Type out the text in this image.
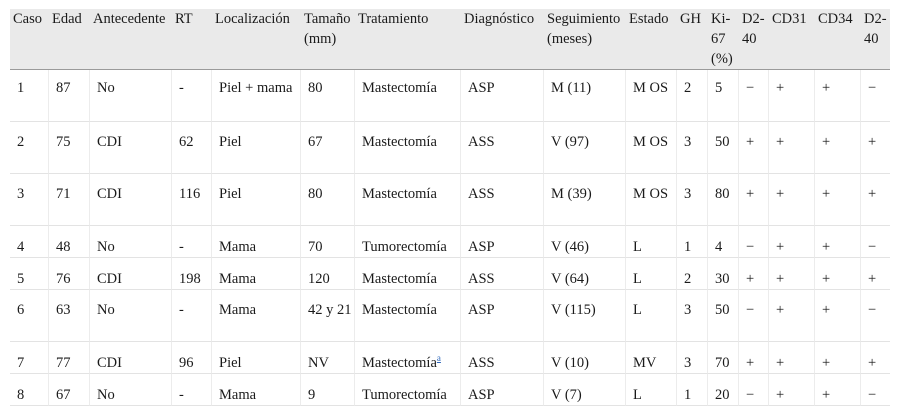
Caso	Edad	Antecedente	RT	Localización	Tamaño (mm)	Tratamiento	Diagnóstico	Seguimiento (meses)	Estado	GH	Ki-67 (%)	D2-40	CD31	CD34	D2-40
1	87	No	-	Piel + mama	80	Mastectomía	ASP	M (11)	M OS	2	5	−	+	+	−
2	75	CDI	62	Piel	67	Mastectomía	ASS	V (97)	M OS	3	50	+	+	+	+
3	71	CDI	116	Piel	80	Mastectomía	ASS	M (39)	M OS	3	80	+	+	+	+
4	48	No	-	Mama	70	Tumorectomía	ASP	V (46)	L	1	4	−	+	+	−
5	76	CDI	198	Mama	120	Mastectomía	ASS	V (64)	L	2	30	+	+	+	+
6	63	No	-	Mama	42 y 21	Mastectomía	ASP	V (115)	L	3	50	−	+	+	−
7	77	CDI	96	Piel	NV	Mastectomía$^a$	ASS	V (10)	MV	3	70	+	+	+	+
8	67	No	-	Mama	9	Tumorectomía	ASP	V (7)	L	1	20	−	+	+	−
